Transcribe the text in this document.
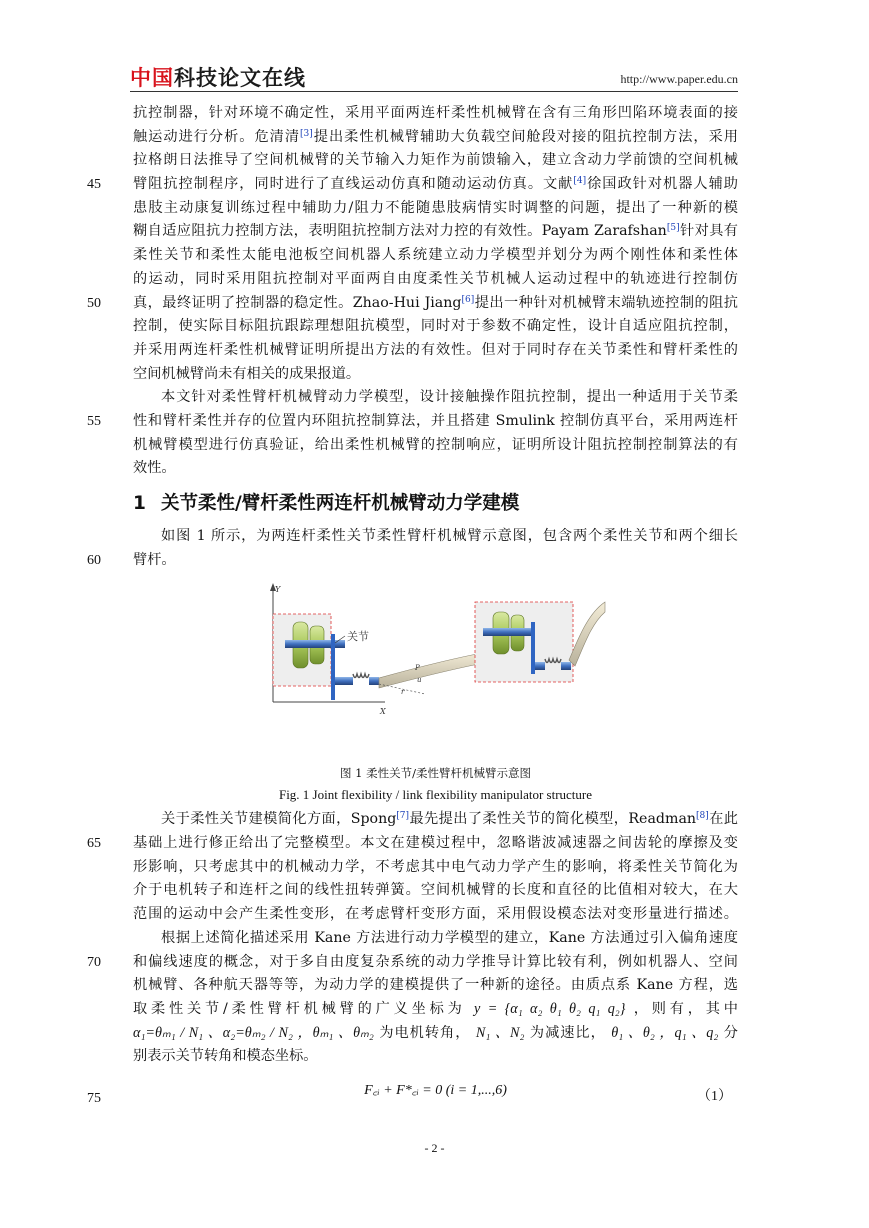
中国科技论文在线	http://www.paper.edu.cn
抗控制器，针对环境不确定性，采用平面两连杆柔性机械臂在含有三角形凹陷环境表面的接
触运动进行分析。危清清[3]提出柔性机械臂辅助大负载空间舱段对接的阻抗控制方法，采用
拉格朗日法推导了空间机械臂的关节输入力矩作为前馈输入，建立含动力学前馈的空间机械
45 臂阻抗控制程序，同时进行了直线运动仿真和随动运动仿真。文献[4]徐国政针对机器人辅助
患肢主动康复训练过程中辅助力/阻力不能随患肢病情实时调整的问题，提出了一种新的模
糊自适应阻抗力控制方法，表明阻抗控制方法对力控的有效性。Payam Zarafshan[5]针对具有
柔性关节和柔性太能电池板空间机器人系统建立动力学模型并划分为两个刚性体和柔性体
的运动，同时采用阻抗控制对平面两自由度柔性关节机械人运动过程中的轨迹进行控制仿
50 真，最终证明了控制器的稳定性。Zhao-Hui Jiang[6]提出一种针对机械臂末端轨迹控制的阻抗
控制，使实际目标阻抗跟踪理想阻抗模型，同时对于参数不确定性，设计自适应阻抗控制，
并采用两连杆柔性机械臂证明所提出方法的有效性。但对于同时存在关节柔性和臂杆柔性的
空间机械臂尚未有相关的成果报道。
本文针对柔性臂杆机械臂动力学模型，设计接触操作阻抗控制，提出一种适用于关节柔
55 性和臂杆柔性并存的位置内环阻抗控制算法，并且搭建 Smulink 控制仿真平台，采用两连杆
机械臂模型进行仿真验证，给出柔性机械臂的控制响应，证明所设计阻抗控制控制算法的有
效性。
1 关节柔性/臂杆柔性两连杆机械臂动力学建模
如图 1 所示，为两连杆柔性关节柔性臂杆机械臂示意图，包含两个柔性关节和两个细长
60 臂杆。
Y
X
关节
P
u
r
图 1 柔性关节/柔性臂杆机械臂示意图
Fig. 1 Joint flexibility / link flexibility manipulator structure
关于柔性关节建模简化方面，Spong[7]最先提出了柔性关节的简化模型，Readman[8]在此
65 基础上进行修正给出了完整模型。本文在建模过程中，忽略谐波减速器之间齿轮的摩擦及变
形影响，只考虑其中的机械动力学，不考虑其中电气动力学产生的影响，将柔性关节简化为
介于电机转子和连杆之间的线性扭转弹簧。空间机械臂的长度和直径的比值相对较大，在大
范围的运动中会产生柔性变形，在考虑臂杆变形方面，采用假设模态法对变形量进行描述。
根据上述简化描述采用 Kane 方法进行动力学模型的建立，Kane 方法通过引入偏角速度
70 和偏线速度的概念，对于多自由度复杂系统的动力学推导计算比较有利，例如机器人、空间
机械臂、各种航天器等等，为动力学的建模提供了一种新的途径。由质点系 Kane 方程，选
取柔性关节/柔性臂杆机械臂的广义坐标为 y = {α₁ α₂ θ₁ θ₂ q₁ q₂} ，则有，其中
α₁=θₘ₁ / N₁ 、α₂=θₘ₂ / N₂ ，θₘ₁ 、θₘ₂ 为电机转角， N₁ 、N₂ 为减速比， θ₁ 、θ₂ ，q₁ 、q₂ 分
别表示关节转角和模态坐标。
75
F꜀ᵢ + F*꜀ᵢ = 0 (i = 1,...,6)	（1）
- 2 -
